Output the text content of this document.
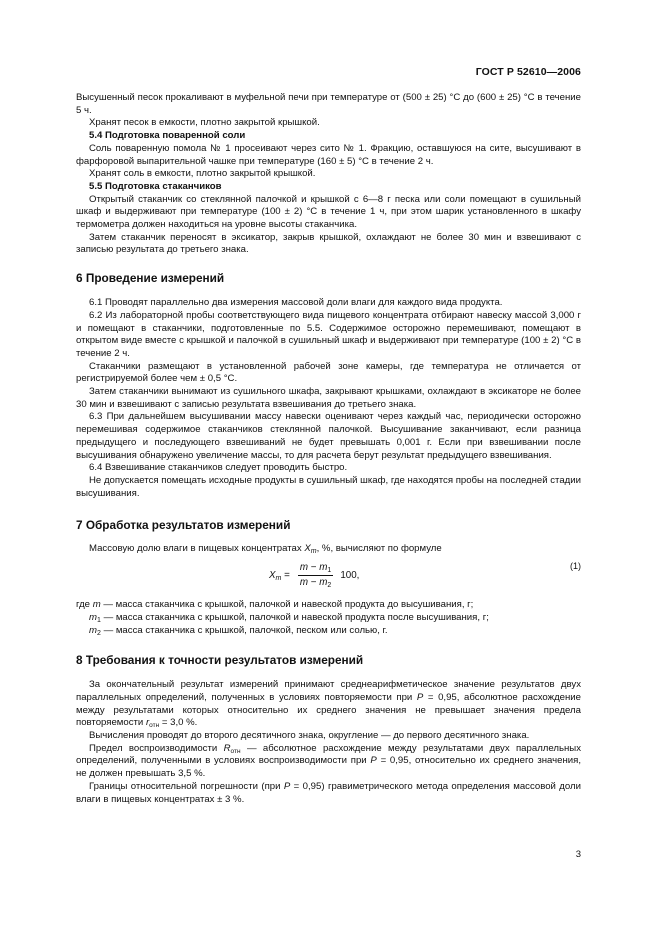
ГОСТ Р 52610—2006

Высушенный песок прокаливают в муфельной печи при температуре от (500 ± 25) °С до (600 ± 25) °С в течение 5 ч.

Хранят песок в емкости, плотно закрытой крышкой.

5.4 Подготовка поваренной соли

Соль поваренную помола № 1 просеивают через сито № 1. Фракцию, оставшуюся на сите, высушивают в фарфоровой выпарительной чашке при температуре (160 ± 5) °С в течение 2 ч.

Хранят соль в емкости, плотно закрытой крышкой.

5.5 Подготовка стаканчиков

Открытый стаканчик со стеклянной палочкой и крышкой с 6—8 г песка или соли помещают в сушильный шкаф и выдерживают при температуре (100 ± 2) °С в течение 1 ч, при этом шарик установленного в шкафу термометра должен находиться на уровне высоты стаканчика.

Затем стаканчик переносят в эксикатор, закрыв крышкой, охлаждают не более 30 мин и взвешивают с записью результата до третьего знака.

6 Проведение измерений

6.1 Проводят параллельно два измерения массовой доли влаги для каждого вида продукта.

6.2 Из лабораторной пробы соответствующего вида пищевого концентрата отбирают навеску массой 3,000 г и помещают в стаканчики, подготовленные по 5.5. Содержимое осторожно перемешивают, помещают в открытом виде вместе с крышкой и палочкой в сушильный шкаф и выдерживают при температуре (100 ± 2) °С в течение 2 ч.

Стаканчики размещают в установленной рабочей зоне камеры, где температура не отличается от регистрируемой более чем ± 0,5 °С.

Затем стаканчики вынимают из сушильного шкафа, закрывают крышками, охлаждают в эксикаторе не более 30 мин и взвешивают с записью результата взвешивания до третьего знака.

6.3 При дальнейшем высушивании массу навески оценивают через каждый час, периодически осторожно перемешивая содержимое стаканчиков стеклянной палочкой. Высушивание заканчивают, если разница предыдущего и последующего взвешиваний не будет превышать 0,001 г. Если при взвешивании после высушивания обнаружено увеличение массы, то для расчета берут результат предыдущего взвешивания.

6.4 Взвешивание стаканчиков следует проводить быстро.

Не допускается помещать исходные продукты в сушильный шкаф, где находятся пробы на последней стадии высушивания.

7 Обработка результатов измерений

Массовую долю влаги в пищевых концентратах $X_m$, %, вычисляют по формуле

$X_m = \frac{m - m_1}{m - m_2} 100$,
(1)
где m — масса стаканчика с крышкой, палочкой и навеской продукта до высушивания, г;
$m_1$ — масса стаканчика с крышкой, палочкой и навеской продукта после высушивания, г;
$m_2$ — масса стаканчика с крышкой, палочкой, песком или солью, г.
8 Требования к точности результатов измерений

За окончательный результат измерений принимают среднеарифметическое значение результатов двух параллельных определений, полученных в условиях повторяемости при P = 0,95, абсолютное расхождение между результатами которых относительно их среднего значения не превышает значения предела повторяемости $r_{отн} = 3,0$ %.

Вычисления проводят до второго десятичного знака, округление — до первого десятичного знака.

Предел воспроизводимости $R_{отн}$ — абсолютное расхождение между результатами двух параллельных определений, полученными в условиях воспроизводимости при P = 0,95, относительно их среднего значения, не должен превышать 3,5 %.

Границы относительной погрешности (при P = 0,95) гравиметрического метода определения массовой доли влаги в пищевых концентратах ± 3 %.

3
